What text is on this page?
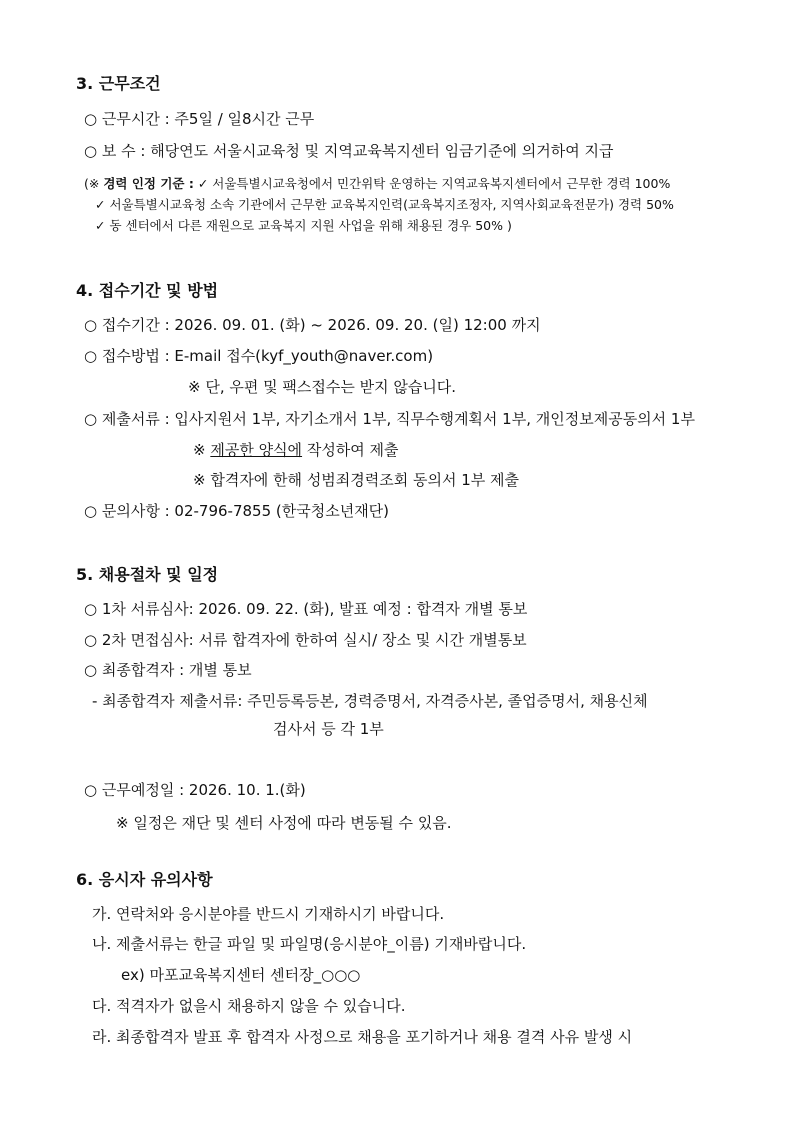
3. 근무조건
○ 근무시간 : 주5일 / 일8시간 근무
○ 보 수 : 해당연도 서울시교육청 및 지역교육복지센터 임금기준에 의거하여 지급
(※ 경력 인정 기준 : ✓ 서울특별시교육청에서 민간위탁 운영하는 지역교육복지센터에서 근무한 경력 100%
✓ 서울특별시교육청 소속 기관에서 근무한 교육복지인력(교육복지조정자, 지역사회교육전문가) 경력 50%
✓ 동 센터에서 다른 재원으로 교육복지 지원 사업을 위해 채용된 경우 50% )
4. 접수기간 및 방법
○ 접수기간 : 2026. 09. 01. (화) ~ 2026. 09. 20. (일) 12:00 까지
○ 접수방법 : E-mail 접수(kyf_youth@naver.com)
※ 단, 우편 및 팩스접수는 받지 않습니다.
○ 제출서류 : 입사지원서 1부, 자기소개서 1부, 직무수행계획서 1부, 개인정보제공동의서 1부
※ 제공한 양식에 작성하여 제출
※ 합격자에 한해 성범죄경력조회 동의서 1부 제출
○ 문의사항 : 02-796-7855 (한국청소년재단)
5. 채용절차 및 일정
○ 1차 서류심사: 2026. 09. 22. (화), 발표 예정 : 합격자 개별 통보
○ 2차 면접심사: 서류 합격자에 한하여 실시/ 장소 및 시간 개별통보
○ 최종합격자 : 개별 통보
- 최종합격자 제출서류: 주민등록등본, 경력증명서, 자격증사본, 졸업증명서, 채용신체
검사서 등 각 1부
○ 근무예정일 : 2026. 10. 1.(화)
※ 일정은 재단 및 센터 사정에 따라 변동될 수 있음.
6. 응시자 유의사항
가. 연락처와 응시분야를 반드시 기재하시기 바랍니다.
나. 제출서류는 한글 파일 및 파일명(응시분야_이름) 기재바랍니다.
ex) 마포교육복지센터 센터장_○○○
다. 적격자가 없을시 채용하지 않을 수 있습니다.
라. 최종합격자 발표 후 합격자 사정으로 채용을 포기하거나 채용 결격 사유 발생 시
